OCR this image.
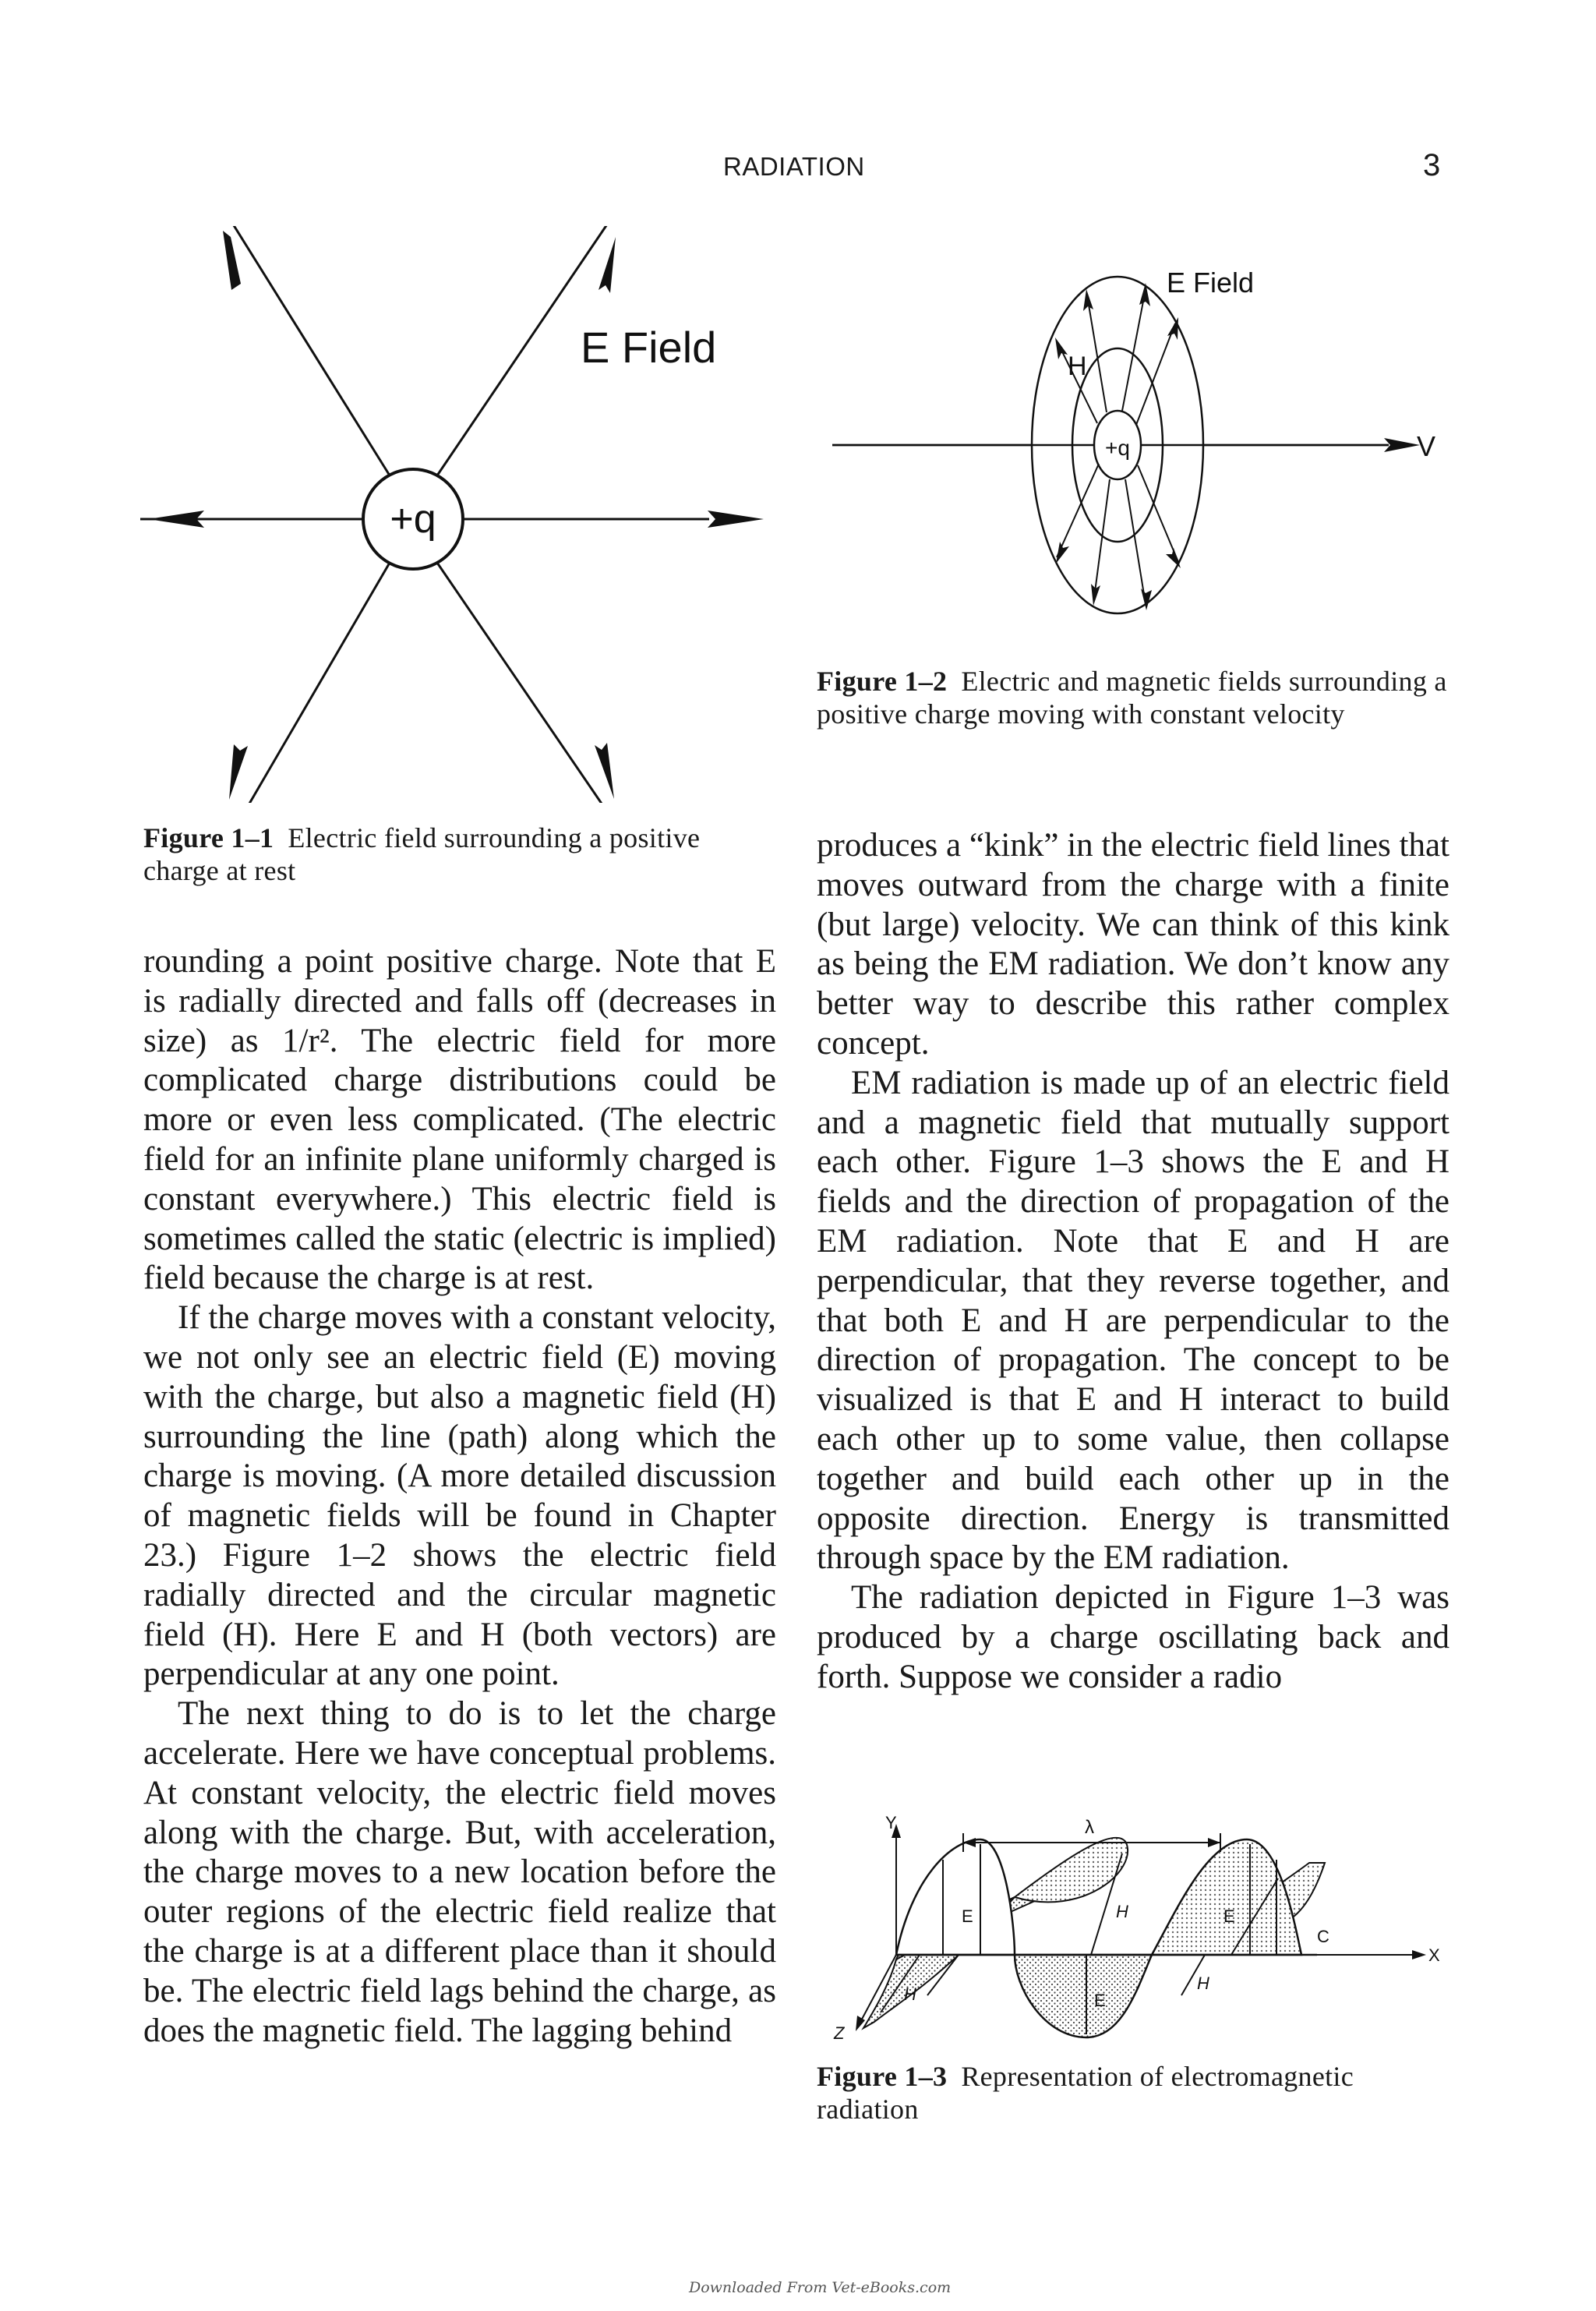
RADIATION	3
+q
E Field
Figure 1–1 Electric field surrounding a positive charge at rest
V
+q
H
E Field
Figure 1–2 Electric and magnetic fields surrounding a positive charge moving with constant velocity

rounding a point positive charge. Note that E is radially directed and falls off (decreases in size) as 1/r². The electric field for more complicated charge distributions could be more or even less complicated. (The electric field for an infinite plane uniformly charged is constant everywhere.) This electric field is sometimes called the static (electric is implied) field because the charge is at rest.

If the charge moves with a constant velocity, we not only see an electric field (E) moving with the charge, but also a magnetic field (H) surrounding the line (path) along which the charge is moving. (A more detailed discussion of magnetic fields will be found in Chapter 23.) Figure 1–2 shows the electric field radially directed and the circular magnetic field (H). Here E and H (both vectors) are perpendicular at any one point.

The next thing to do is to let the charge accelerate. Here we have conceptual problems. At constant velocity, the electric field moves along with the charge. But, with acceleration, the charge moves to a new location before the outer regions of the electric field realize that the charge is at a different place than it should be. The electric field lags behind the charge, as does the magnetic field. The lagging behind

produces a “kink” in the electric field lines that moves outward from the charge with a finite (but large) velocity. We can think of this kink as being the EM radiation. We don’t know any better way to describe this rather complex concept.

EM radiation is made up of an electric field and a magnetic field that mutually support each other. Figure 1–3 shows the E and H fields and the direction of propagation of the EM radiation. Note that E and H are perpendicular, that they reverse together, and that both E and H are perpendicular to the direction of propagation. The concept to be visualized is that E and H interact to build each other up to some value, then collapse together and build each other up in the opposite direction. Energy is transmitted through space by the EM radiation.

The radiation depicted in Figure 1–3 was produced by a charge oscillating back and forth. Suppose we consider a radio

Y
X
Z
C
λ
E
E
E
H
H
H
Figure 1–3 Representation of electromagnetic radiation
Downloaded From Vet-eBooks.com
